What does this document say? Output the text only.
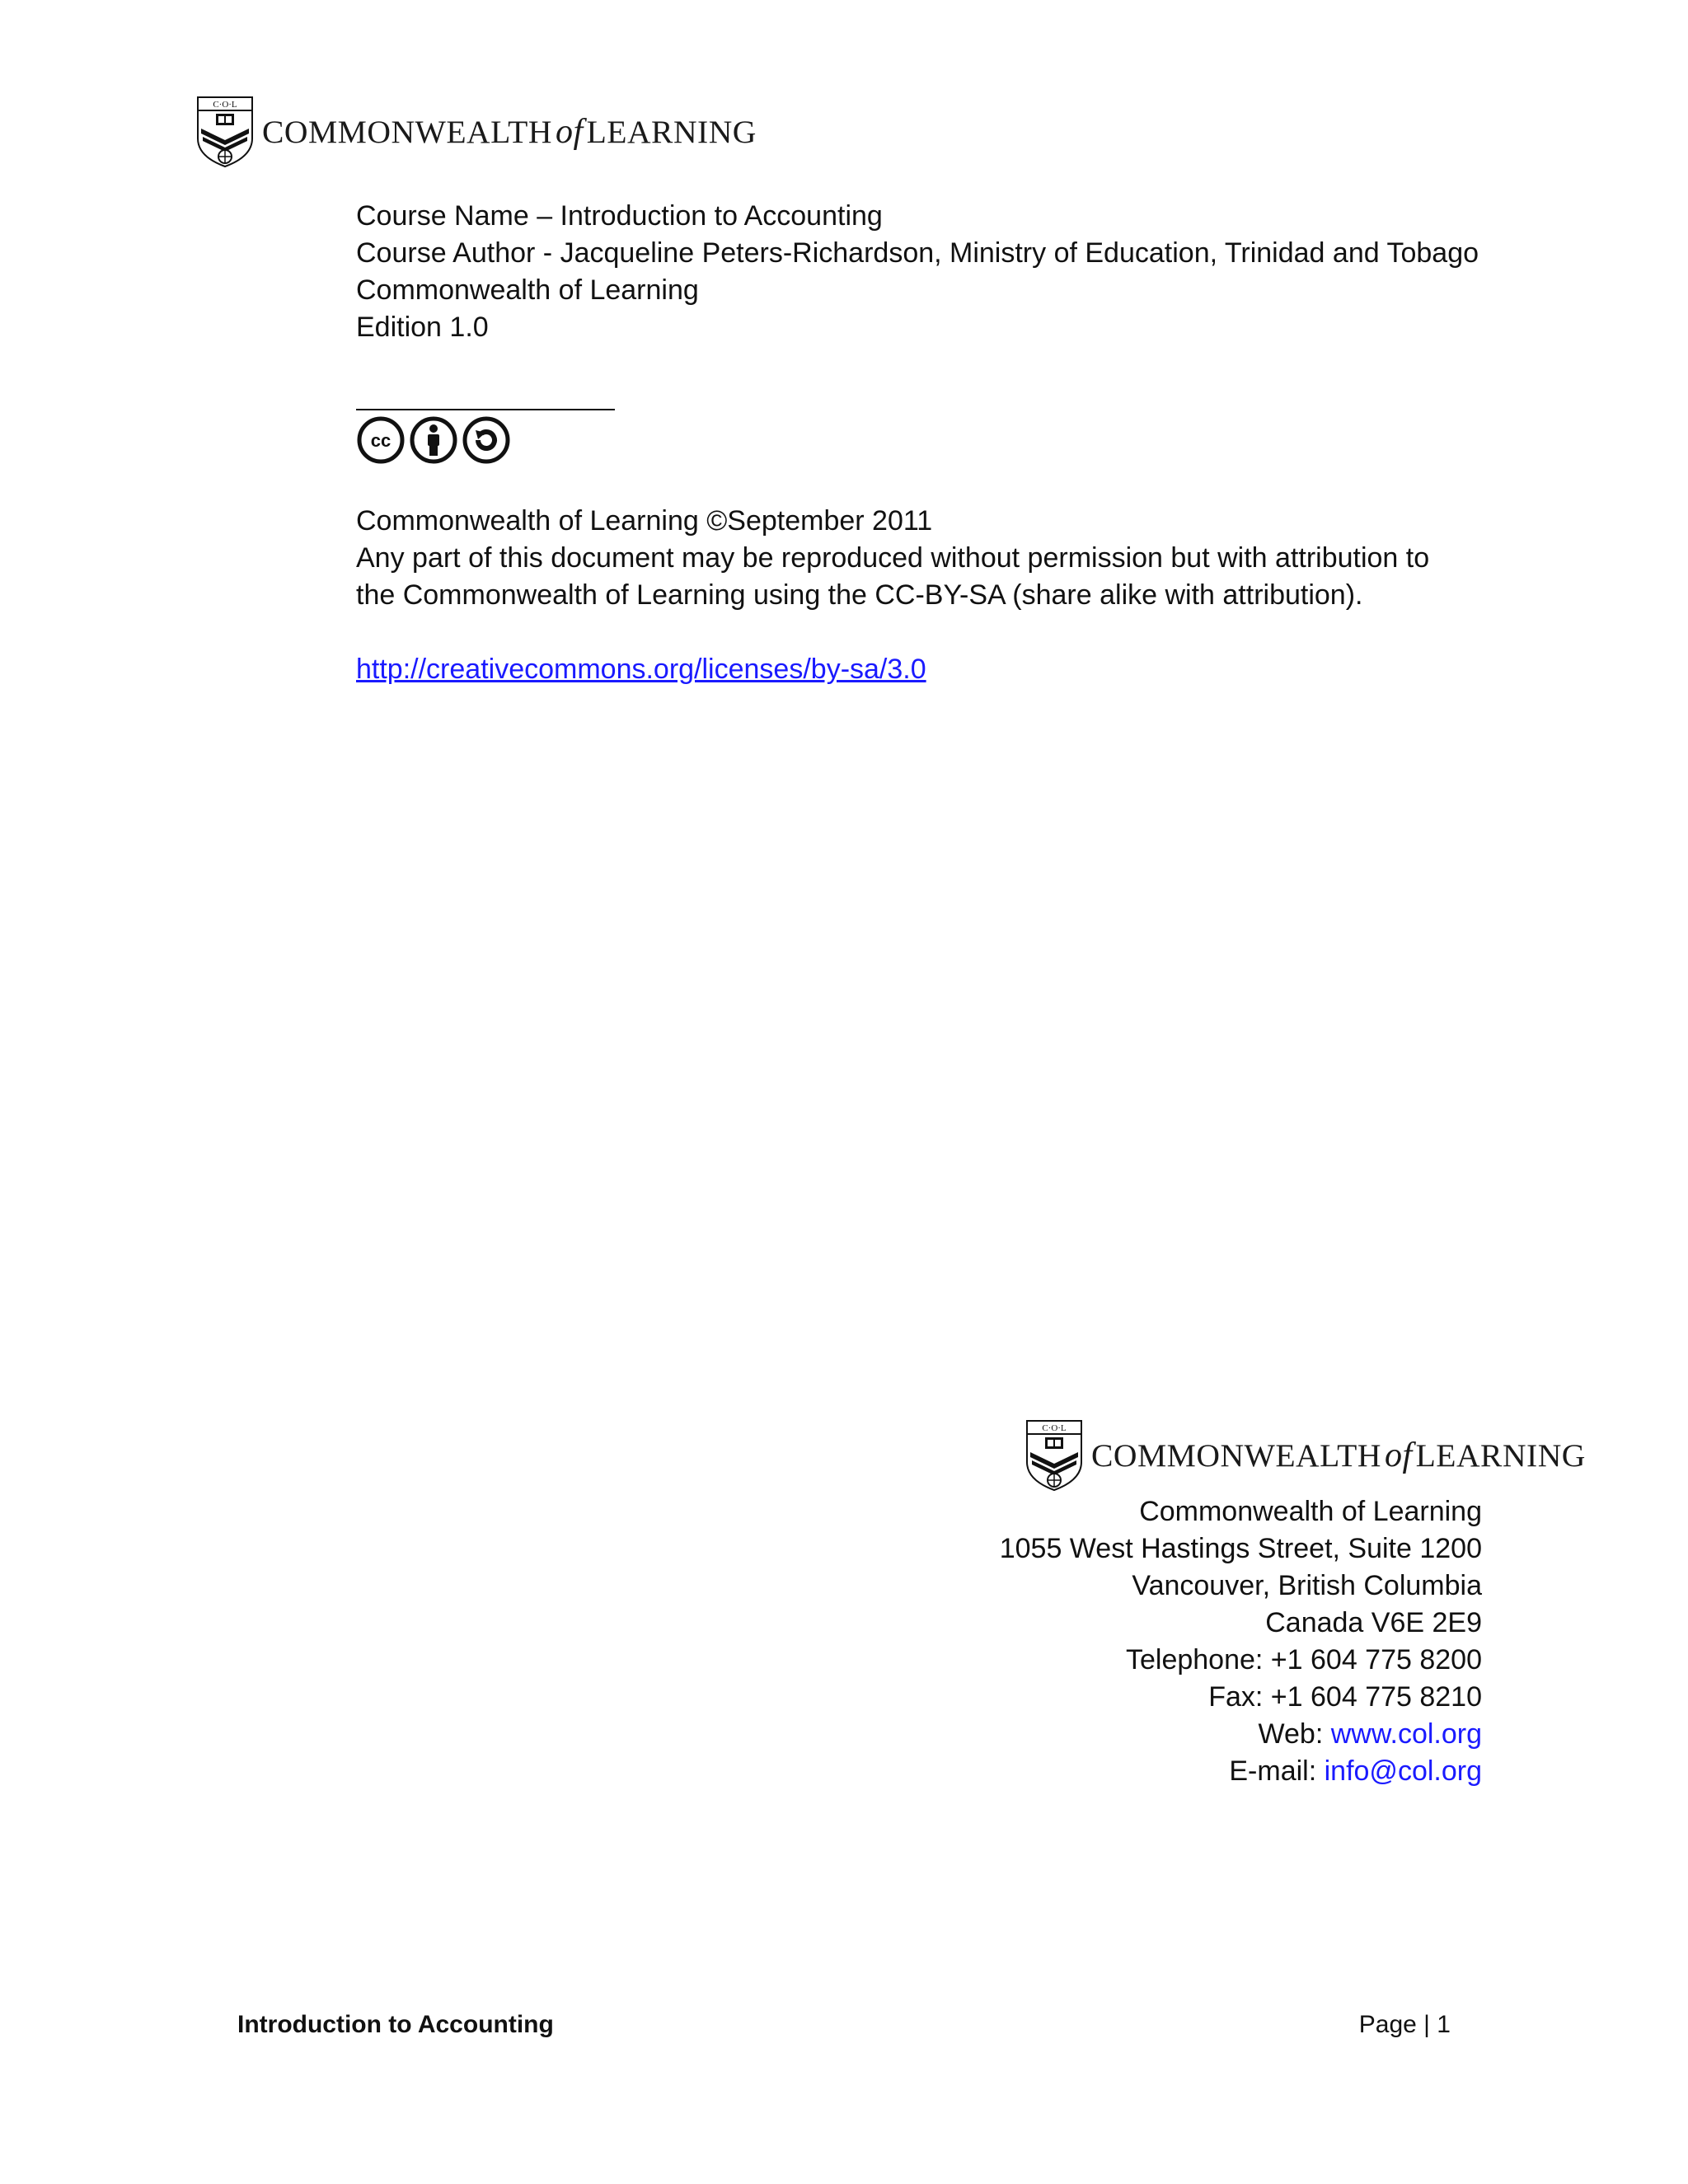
C·O·L
COMMONWEALTHof LEARNING
Course Name – Introduction to Accounting
Course Author - Jacqueline Peters-Richardson, Ministry of Education, Trinidad and Tobago
Commonwealth of Learning
Edition 1.0
cc
Commonwealth of Learning ©September 2011
Any part of this document may be reproduced without permission but with attribution to
the Commonwealth of Learning using the CC-BY-SA (share alike with attribution).
http://creativecommons.org/licenses/by-sa/3.0
C·O·L
COMMONWEALTHof LEARNING
Commonwealth of Learning
1055 West Hastings Street, Suite 1200
Vancouver, British Columbia
Canada V6E 2E9
Telephone: +1 604 775 8200
Fax: +1 604 775 8210
Web: www.col.org
E-mail: info@col.org
Introduction to Accounting	Page | 1
